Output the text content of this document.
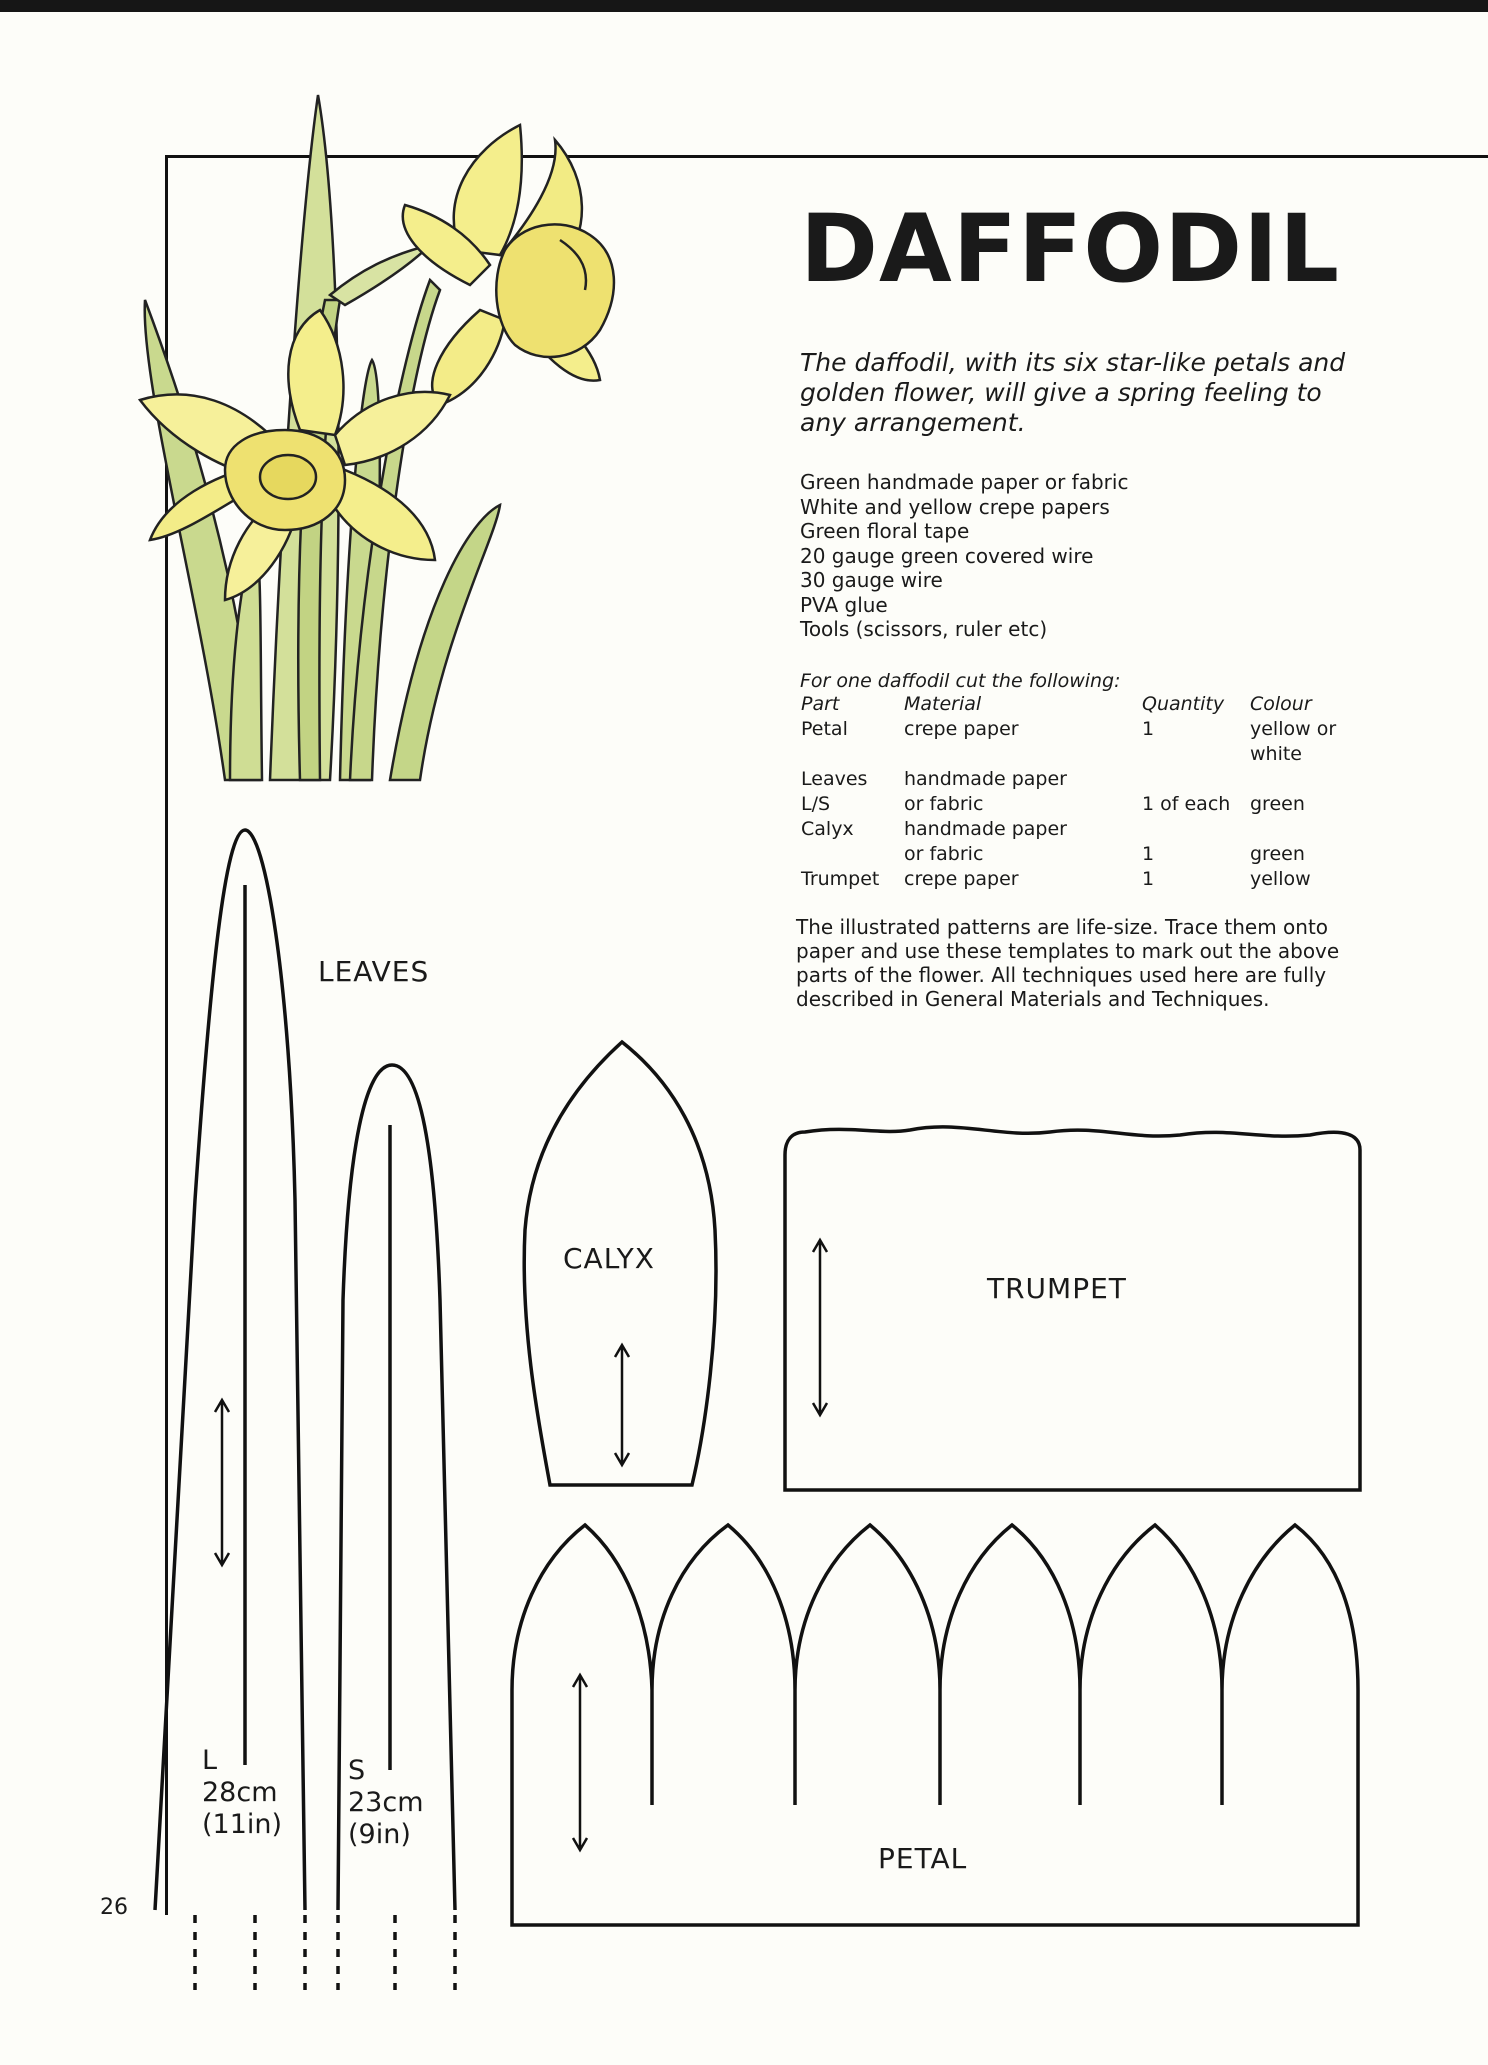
26
DAFFODIL
The daffodil, with its six star-like petals and golden flower, will give a spring feeling to any arrangement.
Green handmade paper or fabric
White and yellow crepe papers
Green floral tape
20 gauge green covered wire
30 gauge wire
PVA glue
Tools (scissors, ruler etc)
For one daffodil cut the following:
Part	Material	Quantity	Colour
Petal	crepe paper	1	yellow or
			white
Leaves	handmade paper		
L/S	or fabric	1 of each	green
Calyx	handmade paper		
	or fabric	1	green
Trumpet	crepe paper	1	yellow
The illustrated patterns are life-size. Trace them onto paper and use these templates to mark out the above parts of the flower. All techniques used here are fully described in General Materials and Techniques.
LEAVES
CALYX
TRUMPET
PETAL
L
28cm
(11in)
S
23cm
(9in)
